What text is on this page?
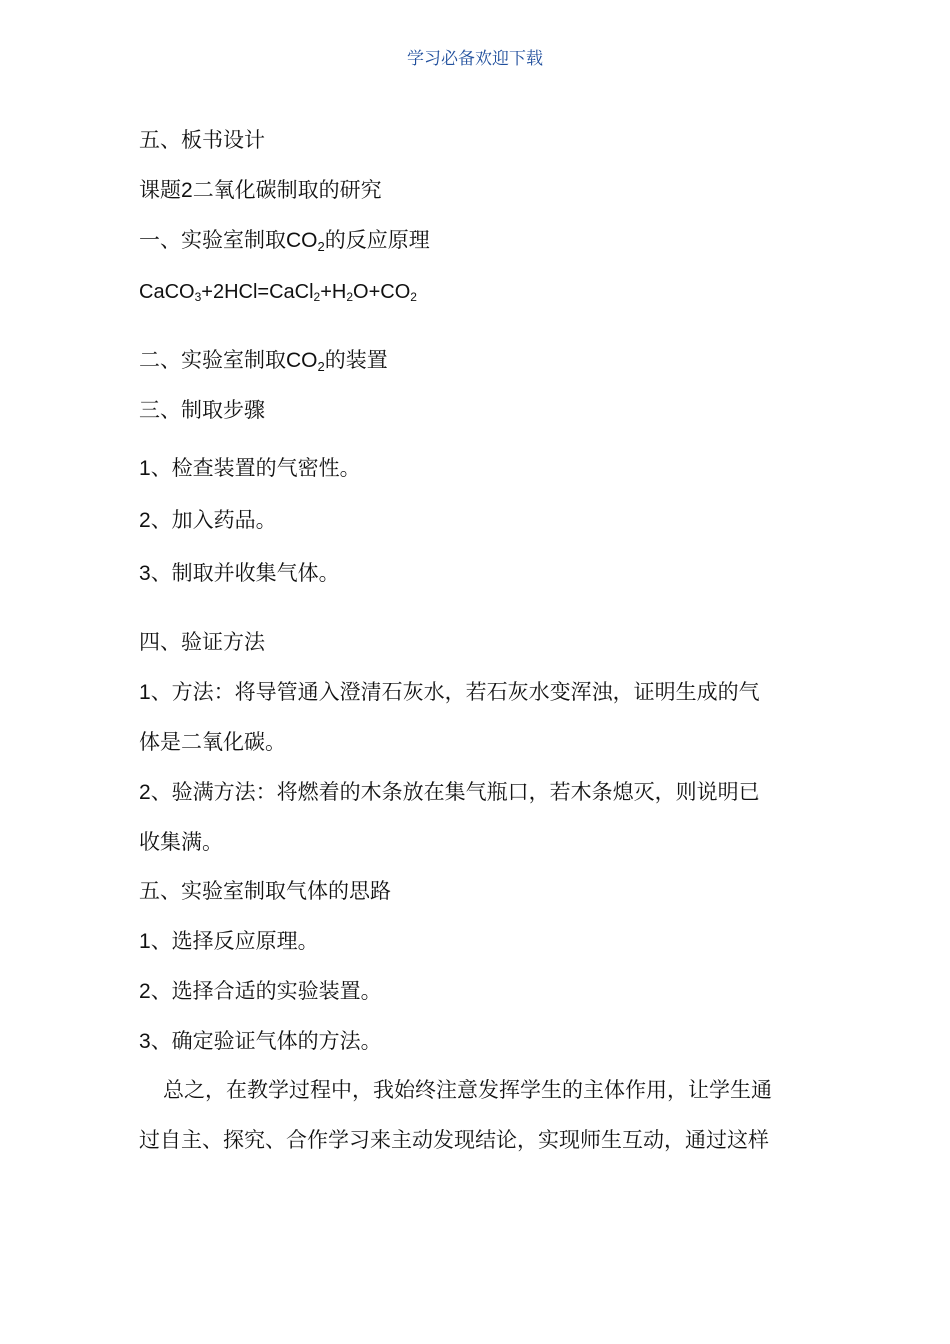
学习必备欢迎下载
五、板书设计
课题2二氧化碳制取的研究
一、实验室制取CO2的反应原理
CaCO3+2HCl=CaCl2+H2O+CO2
二、实验室制取CO2的装置
三、制取步骤
1、检查装置的气密性。
2、加入药品。
3、制取并收集气体。
四、验证方法
1、方法：将导管通入澄清石灰水，若石灰水变浑浊，证明生成的气
体是二氧化碳。
2、验满方法：将燃着的木条放在集气瓶口，若木条熄灭，则说明已
收集满。
五、实验室制取气体的思路
1、选择反应原理。
2、选择合适的实验装置。
3、确定验证气体的方法。
总之，在教学过程中，我始终注意发挥学生的主体作用，让学生通
过自主、探究、合作学习来主动发现结论，实现师生互动，通过这样
